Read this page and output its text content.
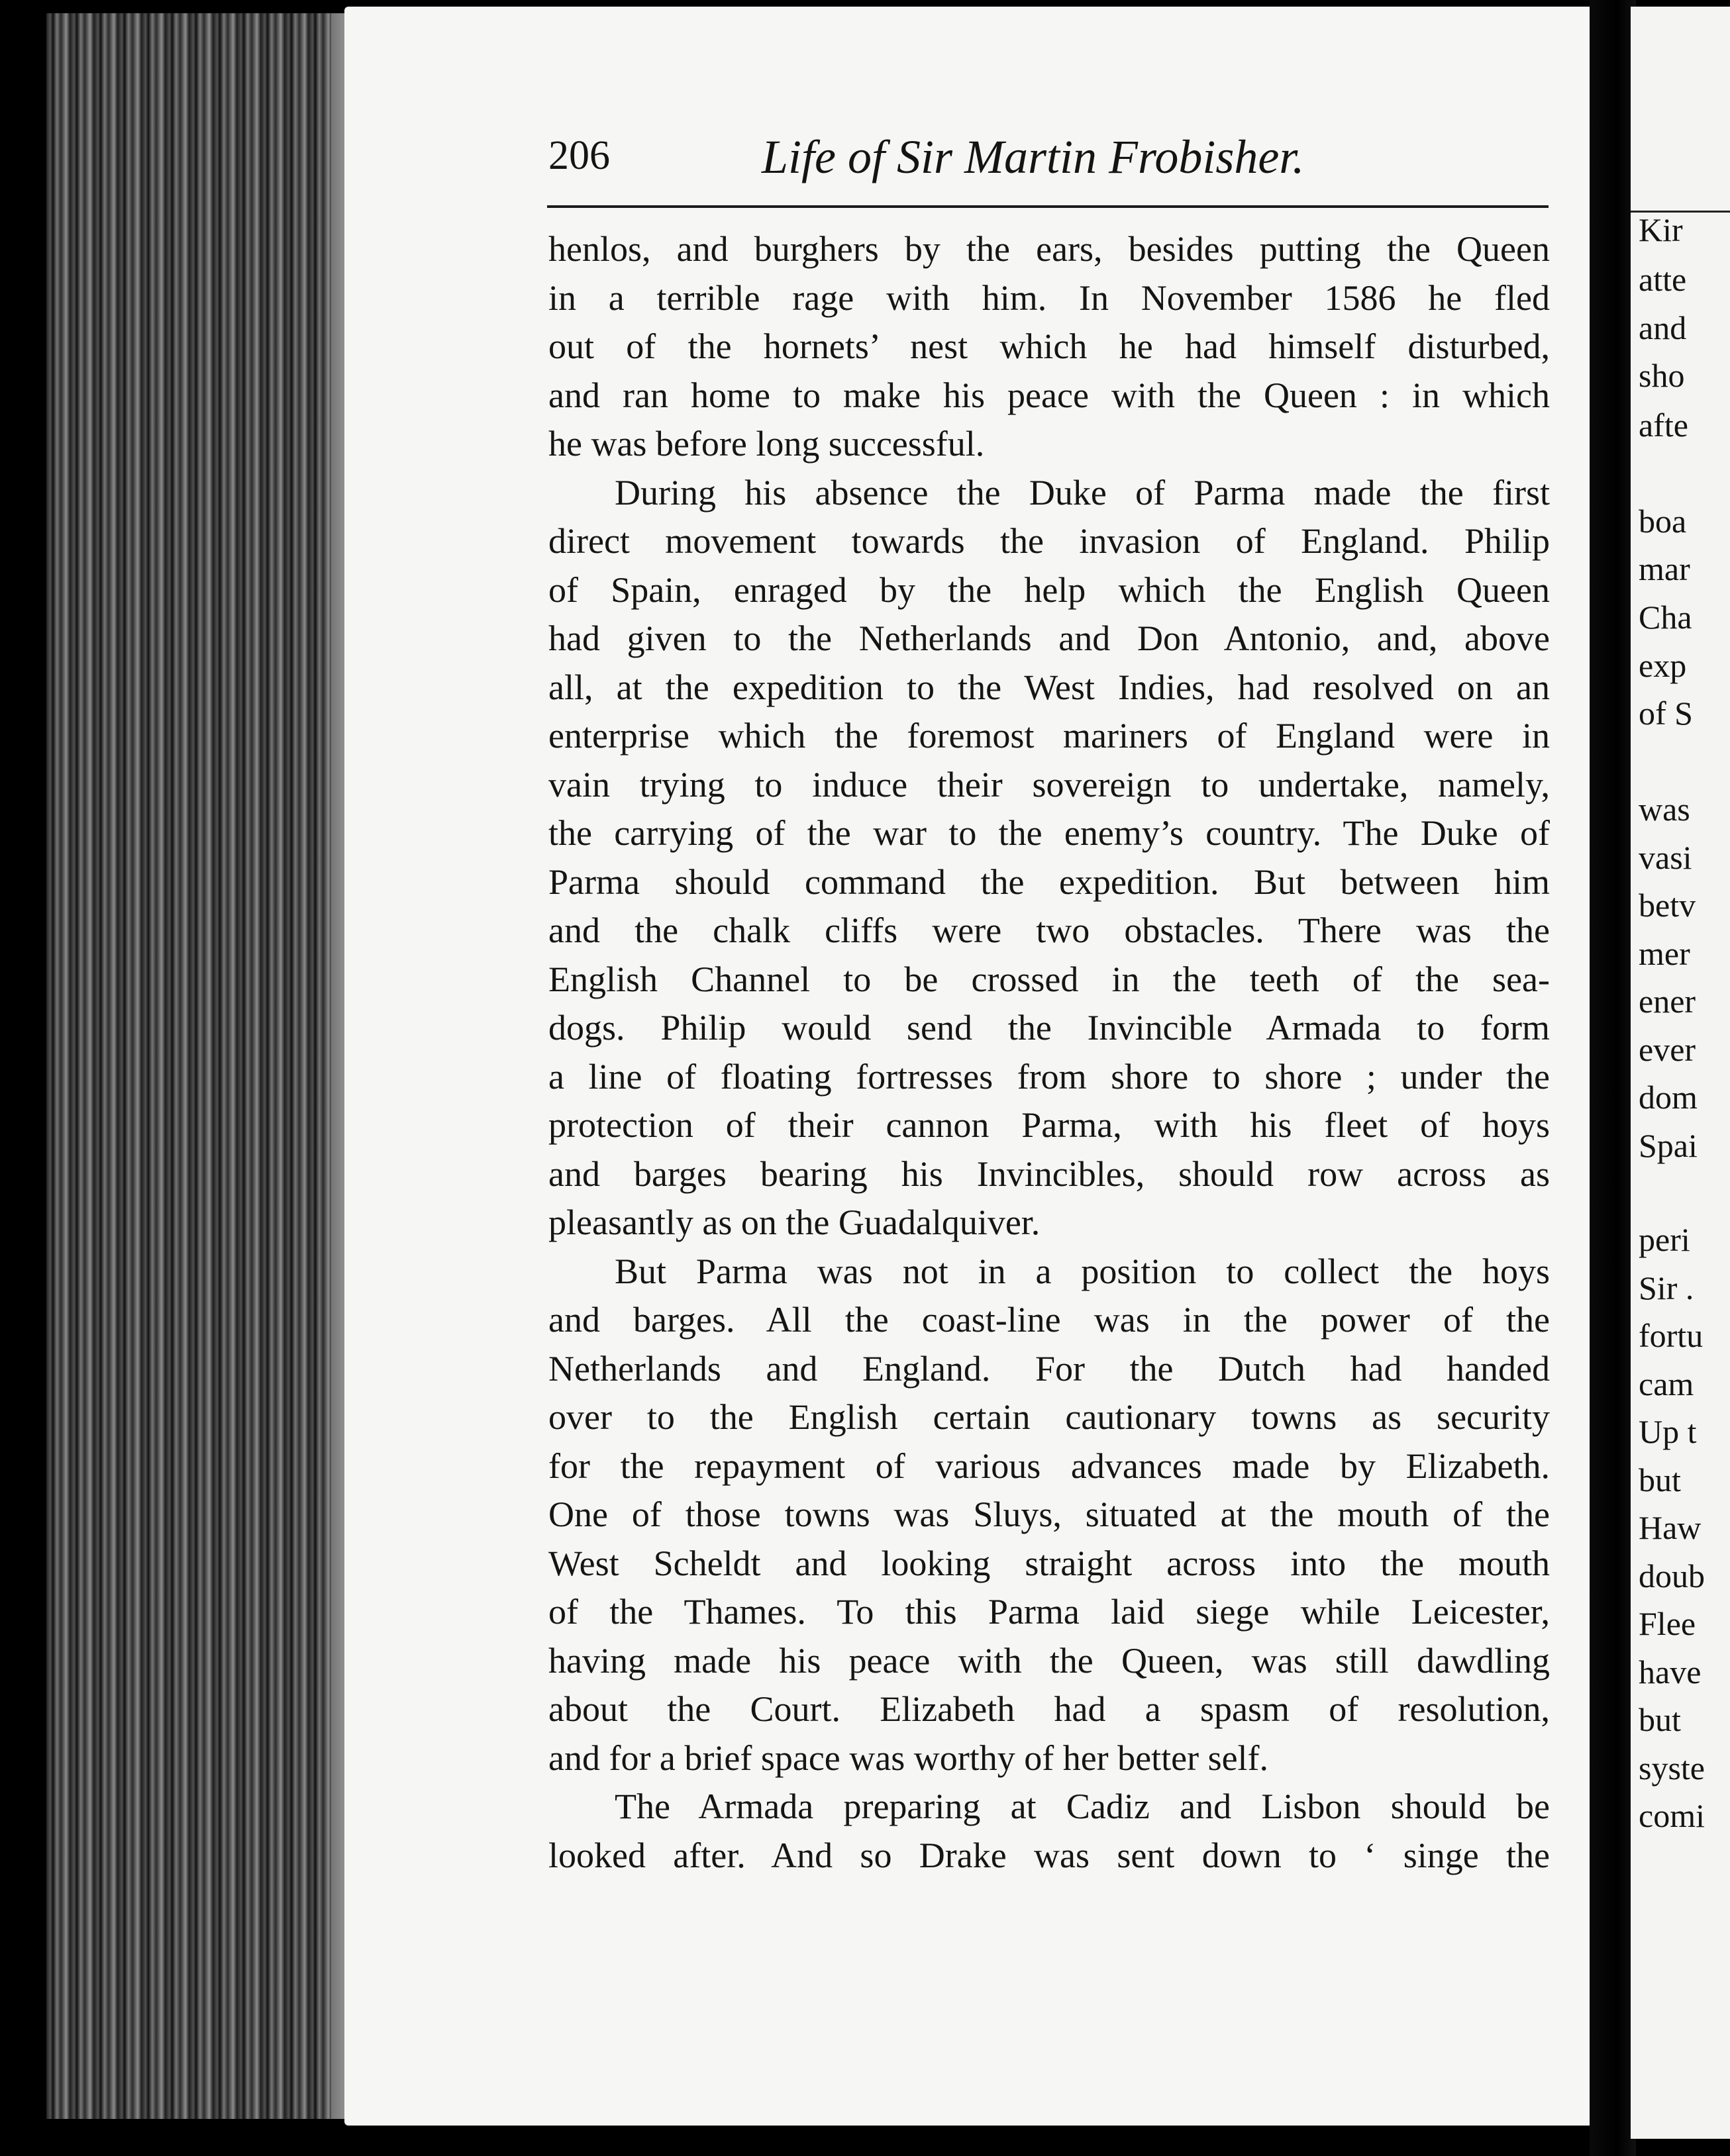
206	Life of Sir Martin Frobisher.
henlos, and burghers by the ears, besides putting the Queen
in a terrible rage with him. In November 1586 he fled
out of the hornets’ nest which he had himself disturbed,
and ran home to make his peace with the Queen : in which
he was before long successful.
During his absence the Duke of Parma made the first
direct movement towards the invasion of England. Philip
of Spain, enraged by the help which the English Queen
had given to the Netherlands and Don Antonio, and, above
all, at the expedition to the West Indies, had resolved on an
enterprise which the foremost mariners of England were in
vain trying to induce their sovereign to undertake, namely,
the carrying of the war to the enemy’s country. The Duke of
Parma should command the expedition. But between him
and the chalk cliffs were two obstacles. There was the
English Channel to be crossed in the teeth of the sea-
dogs. Philip would send the Invincible Armada to form
a line of floating fortresses from shore to shore ; under the
protection of their cannon Parma, with his fleet of hoys
and barges bearing his Invincibles, should row across as
pleasantly as on the Guadalquiver.
But Parma was not in a position to collect the hoys
and barges. All the coast-line was in the power of the
Netherlands and England. For the Dutch had handed
over to the English certain cautionary towns as security
for the repayment of various advances made by Elizabeth.
One of those towns was Sluys, situated at the mouth of the
West Scheldt and looking straight across into the mouth
of the Thames. To this Parma laid siege while Leicester,
having made his peace with the Queen, was still dawdling
about the Court. Elizabeth had a spasm of resolution,
and for a brief space was worthy of her better self.
The Armada preparing at Cadiz and Lisbon should be
looked after. And so Drake was sent down to ‘ singe the
Kir
atte
and
sho
afte
boa
mar
Cha
exp
of S
was
vasi
betv
mer
ener
ever
dom
Spai
peri
Sir .
fortu
cam
Up t
but
Haw
doub
Flee
have
but
syste
comi
